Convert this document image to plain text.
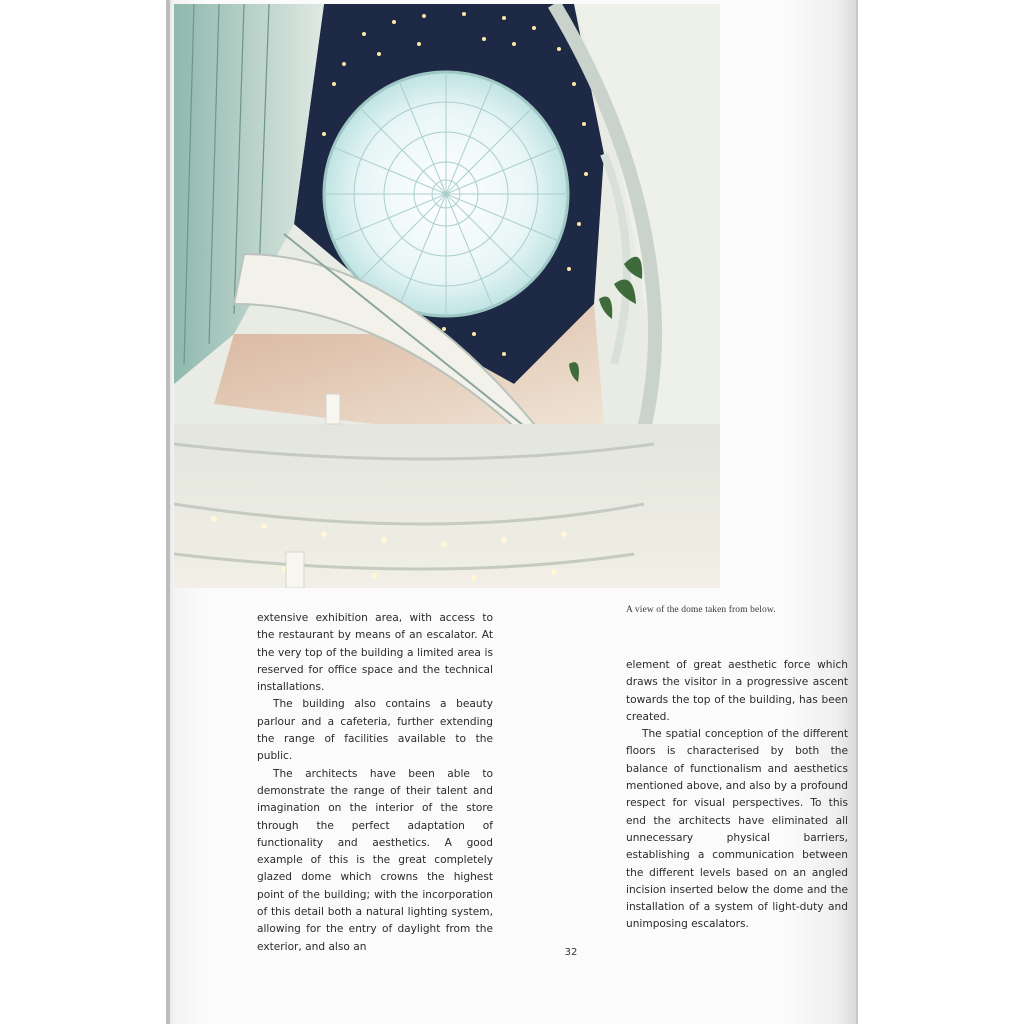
A view of the dome taken from below.

extensive exhibition area, with access to the restaurant by means of an escalator. At the very top of the building a limited area is reserved for office space and the technical installations.

The building also contains a beauty parlour and a cafeteria, further extending the range of facilities available to the public.

The architects have been able to demonstrate the range of their talent and imagination on the interior of the store through the perfect adaptation of functionality and aesthetics. A good example of this is the great completely glazed dome which crowns the highest point of the building; with the incorporation of this detail both a natural lighting system, allowing for the entry of daylight from the exterior, and also an

element of great aesthetic force which draws the visitor in a progressive ascent towards the top of the building, has been created.

The spatial conception of the different floors is characterised by both the balance of functionalism and aesthetics mentioned above, and also by a profound respect for visual perspectives. To this end the architects have eliminated all unnecessary physical barriers, establishing a communication between the different levels based on an angled incision inserted below the dome and the installation of a system of light-duty and unimposing escalators.

32
